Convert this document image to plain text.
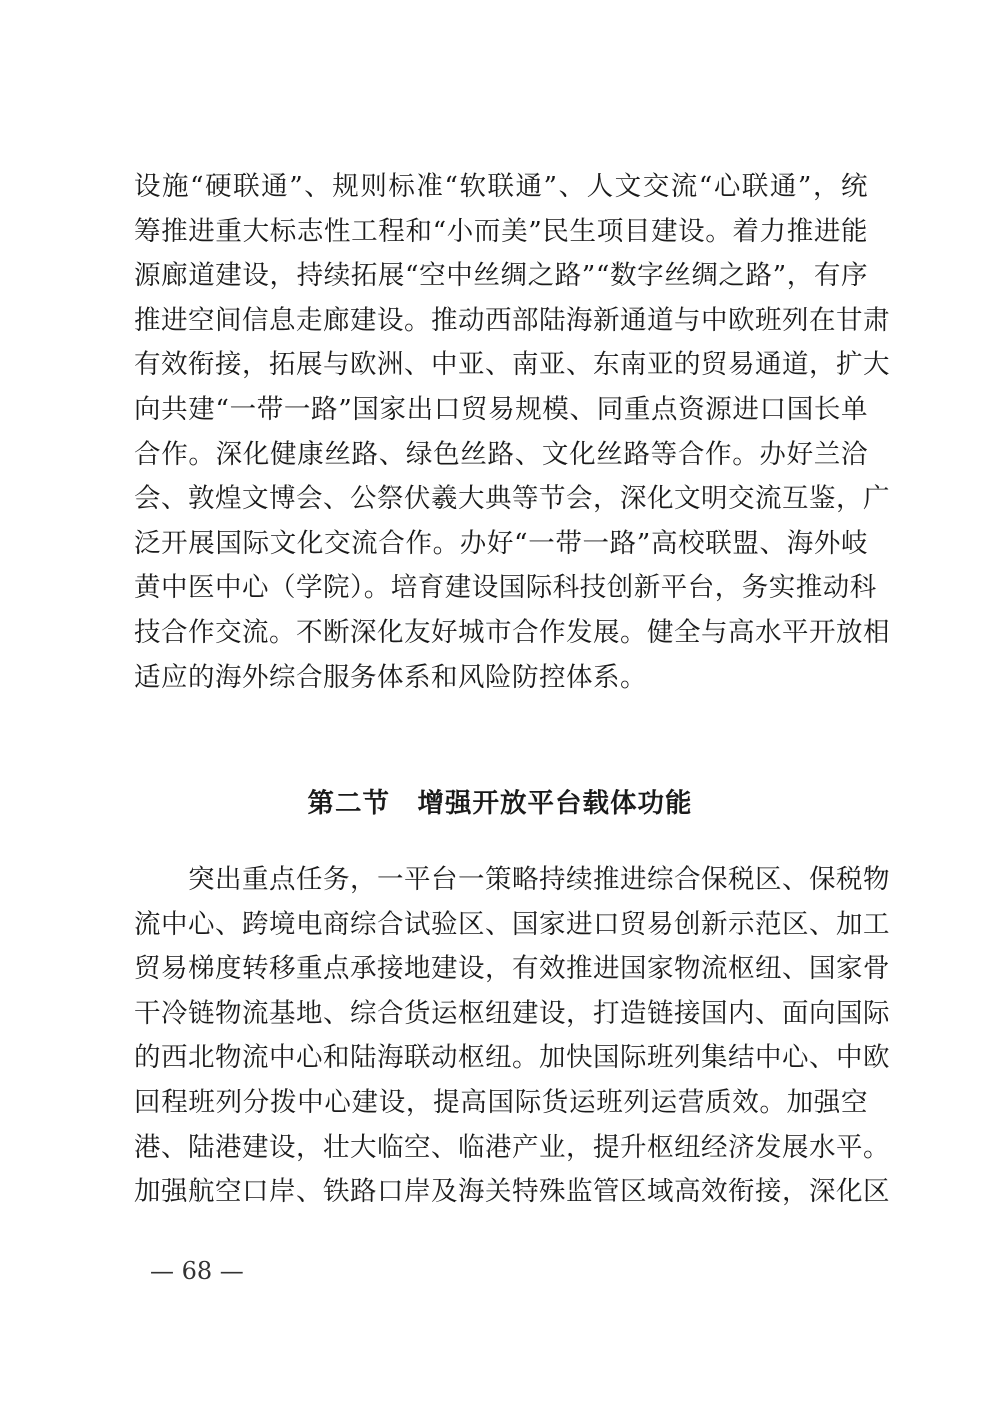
设施“硬联通”、规则标准“软联通”、人文交流“心联通”，统
筹推进重大标志性工程和“小而美”民生项目建设。着力推进能
源廊道建设，持续拓展“空中丝绸之路”“数字丝绸之路”，有序
推进空间信息走廊建设。推动西部陆海新通道与中欧班列在甘肃
有效衔接，拓展与欧洲、中亚、南亚、东南亚的贸易通道，扩大
向共建“一带一路”国家出口贸易规模、同重点资源进口国长单
合作。深化健康丝路、绿色丝路、文化丝路等合作。办好兰洽
会、敦煌文博会、公祭伏羲大典等节会，深化文明交流互鉴，广
泛开展国际文化交流合作。办好“一带一路”高校联盟、海外岐
黄中医中心（学院）。培育建设国际科技创新平台，务实推动科
技合作交流。不断深化友好城市合作发展。健全与高水平开放相
适应的海外综合服务体系和风险防控体系。
第二节　增强开放平台载体功能
　　突出重点任务，一平台一策略持续推进综合保税区、保税物
流中心、跨境电商综合试验区、国家进口贸易创新示范区、加工
贸易梯度转移重点承接地建设，有效推进国家物流枢纽、国家骨
干冷链物流基地、综合货运枢纽建设，打造链接国内、面向国际
的西北物流中心和陆海联动枢纽。加快国际班列集结中心、中欧
回程班列分拨中心建设，提高国际货运班列运营质效。加强空
港、陆港建设，壮大临空、临港产业，提升枢纽经济发展水平。
加强航空口岸、铁路口岸及海关特殊监管区域高效衔接，深化区
— 68 —
